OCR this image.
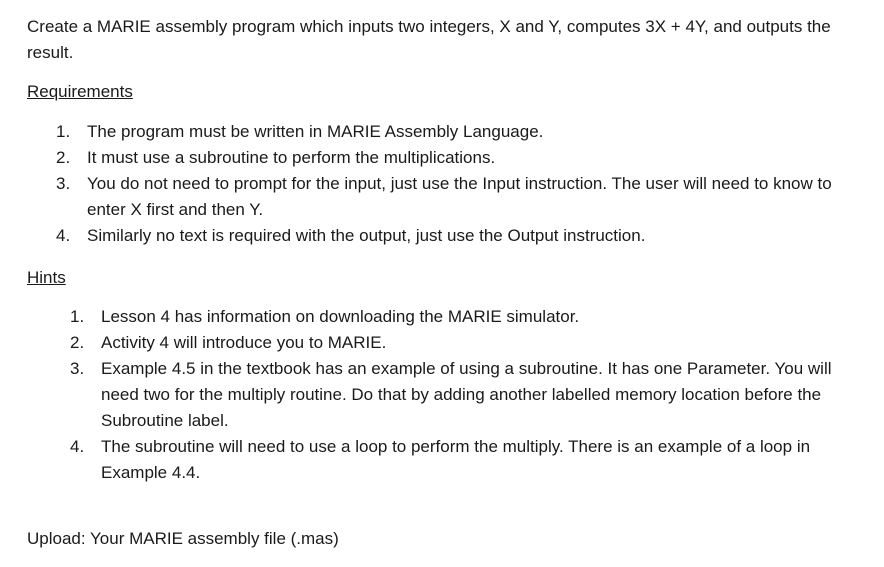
Create a MARIE assembly program which inputs two integers, X and Y, computes 3X + 4Y, and outputs the result.

Requirements

1. The program must be written in MARIE Assembly Language.
2. It must use a subroutine to perform the multiplications.
3. You do not need to prompt for the input, just use the Input instruction. The user will need to know to enter X first and then Y.
4. Similarly no text is required with the output, just use the Output instruction.

Hints

1. Lesson 4 has information on downloading the MARIE simulator.
2. Activity 4 will introduce you to MARIE.
3. Example 4.5 in the textbook has an example of using a subroutine. It has one Parameter. You will need two for the multiply routine. Do that by adding another labelled memory location before the Subroutine label.
4. The subroutine will need to use a loop to perform the multiply. There is an example of a loop in Example 4.4.

Upload: Your MARIE assembly file (.mas)
